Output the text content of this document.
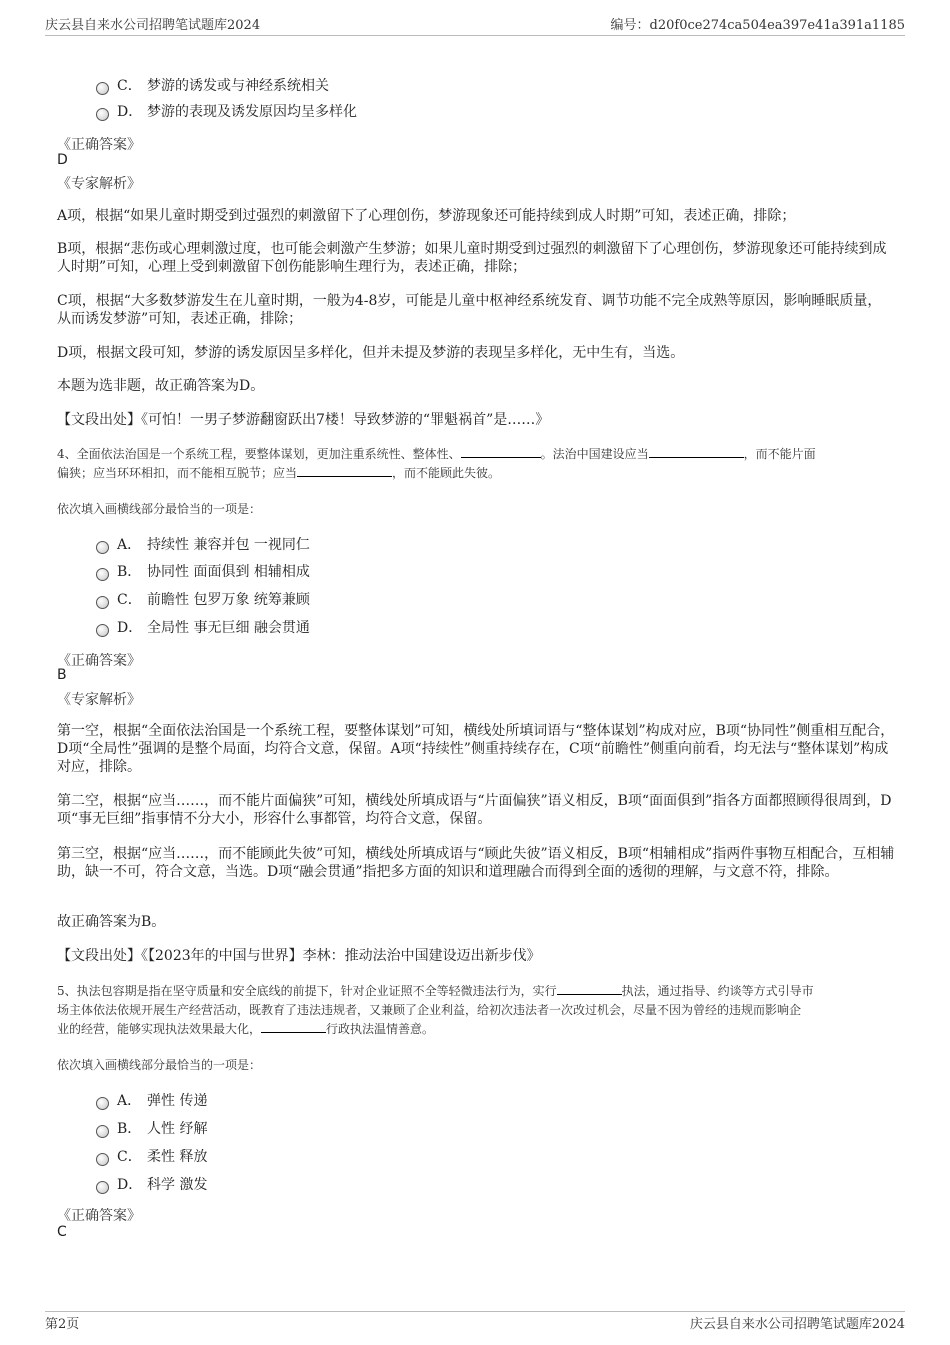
庆云县自来水公司招聘笔试题库2024	编号：d20f0ce274ca504ea397e41a391a1185
C． 梦游的诱发或与神经系统相关
D． 梦游的表现及诱发原因均呈多样化
《正确答案》
D
《专家解析》
A项，根据“如果儿童时期受到过强烈的刺激留下了心理创伤，梦游现象还可能持续到成人时期”可知，表述正确，排除；
B项，根据“悲伤或心理刺激过度，也可能会刺激产生梦游；如果儿童时期受到过强烈的刺激留下了心理创伤，梦游现象还可能持续到成人时期”可知，心理上受到刺激留下创伤能影响生理行为，表述正确，排除；
C项，根据“大多数梦游发生在儿童时期，一般为4-8岁，可能是儿童中枢神经系统发育、调节功能不完全成熟等原因，影响睡眠质量，从而诱发梦游”可知，表述正确，排除；
D项，根据文段可知，梦游的诱发原因呈多样化，但并未提及梦游的表现呈多样化，无中生有，当选。
本题为选非题，故正确答案为D。
【文段出处】《可怕！一男子梦游翻窗跃出7楼！导致梦游的“罪魁祸首”是……》
4、全面依法治国是一个系统工程，要整体谋划，更加注重系统性、整体性、	。法治中国建设应当	，而不能片面
偏狭；应当环环相扣，而不能相互脱节；应当	，而不能顾此失彼。
依次填入画横线部分最恰当的一项是：
A． 持续性 兼容并包 一视同仁
B． 协同性 面面俱到 相辅相成
C． 前瞻性 包罗万象 统筹兼顾
D． 全局性 事无巨细 融会贯通
《正确答案》
B
《专家解析》
第一空，根据“全面依法治国是一个系统工程，要整体谋划”可知，横线处所填词语与“整体谋划”构成对应，B项“协同性”侧重相互配合，D项“全局性”强调的是整个局面，均符合文意，保留。A项“持续性”侧重持续存在，C项“前瞻性”侧重向前看，均无法与“整体谋划”构成对应，排除。
第二空，根据“应当……，而不能片面偏狭”可知，横线处所填成语与“片面偏狭”语义相反，B项“面面俱到”指各方面都照顾得很周到，D项“事无巨细”指事情不分大小，形容什么事都管，均符合文意，保留。
第三空，根据“应当……，而不能顾此失彼”可知，横线处所填成语与“顾此失彼”语义相反，B项“相辅相成”指两件事物互相配合，互相辅助，缺一不可，符合文意，当选。D项“融会贯通”指把多方面的知识和道理融合而得到全面的透彻的理解，与文意不符，排除。
故正确答案为B。
【文段出处】《【2023年的中国与世界】李林：推动法治中国建设迈出新步伐》
5、执法包容期是指在坚守质量和安全底线的前提下，针对企业证照不全等轻微违法行为，实行	执法，通过指导、约谈等方式引导市
场主体依法依规开展生产经营活动，既教育了违法违规者，又兼顾了企业利益，给初次违法者一次改过机会，尽量不因为曾经的违规而影响企
业的经营，能够实现执法效果最大化，	行政执法温情善意。
依次填入画横线部分最恰当的一项是：
A． 弹性 传递
B． 人性 纾解
C． 柔性 释放
D． 科学 激发
《正确答案》
C
第2页	庆云县自来水公司招聘笔试题库2024
